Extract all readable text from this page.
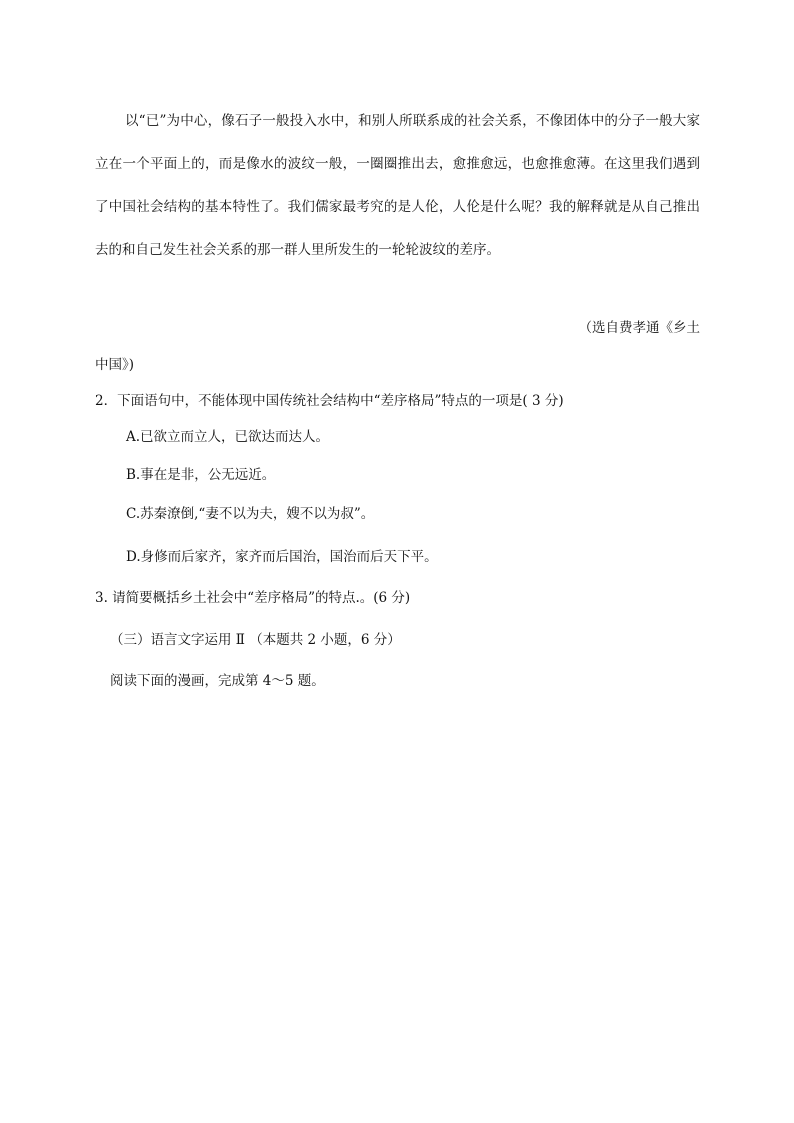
以“已”为中心，像石子一般投入水中，和别人所联系成的社会关系，不像团体中的分子一般大家立在一个平面上的，而是像水的波纹一般，一圈圈推出去，愈推愈远，也愈推愈薄。在这里我们遇到了中国社会结构的基本特性了。我们儒家最考究的是人伦，人伦是什么呢？我的解释就是从自己推出去的和自己发生社会关系的那一群人里所发生的一轮轮波纹的差序。

（选自费孝通《乡土

中国》)

2．下面语句中，不能体现中国传统社会结构中“差序格局”特点的一项是( 3 分)

A.已欲立而立人，已欲达而达人。

B.事在是非，公无远近。

C.苏秦潦倒,“妻不以为夫，嫂不以为叔”。

D.身修而后家齐，家齐而后国治，国治而后天下平。

3. 请简要概括乡土社会中“差序格局”的特点.。(6 分)

（三）语言文字运用 Ⅱ （本题共 2 小题，6 分）

阅读下面的漫画，完成第 4～5 题。
